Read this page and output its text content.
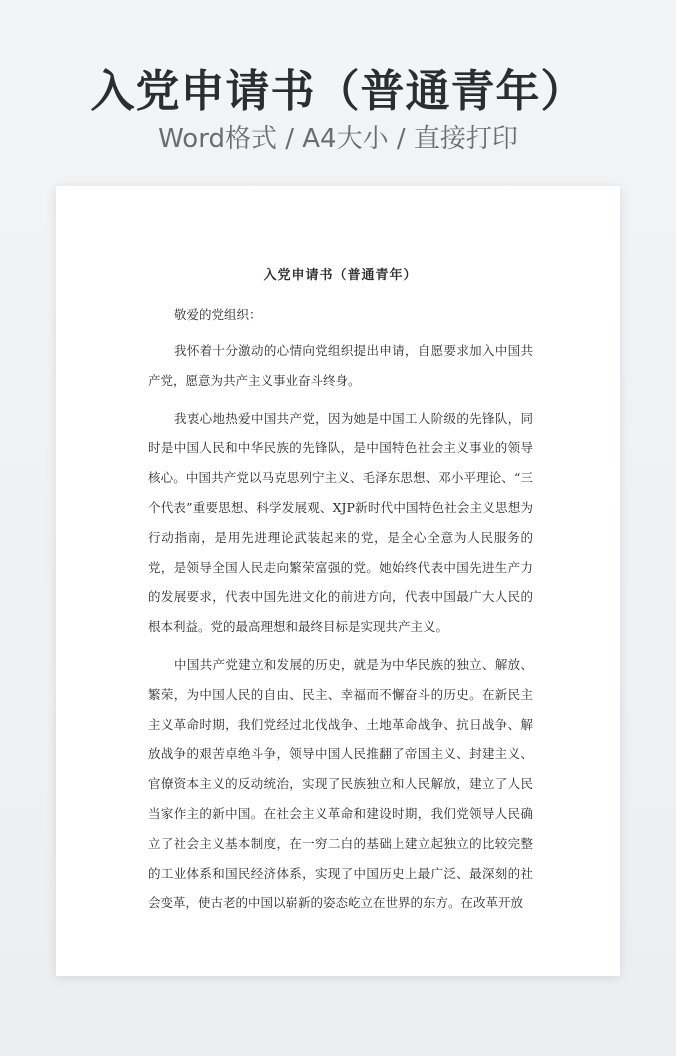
入党申请书（普通青年）
Word格式 / A4大小 / 直接打印
入党申请书（普通青年）
敬爱的党组织：

我怀着十分激动的心情向党组织提出申请，自愿要求加入中国共产党，愿意为共产主义事业奋斗终身。

我衷心地热爱中国共产党，因为她是中国工人阶级的先锋队，同时是中国人民和中华民族的先锋队，是中国特色社会主义事业的领导核心。中国共产党以马克思列宁主义、毛泽东思想、邓小平理论、“三个代表”重要思想、科学发展观、XJP新时代中国特色社会主义思想为行动指南，是用先进理论武装起来的党，是全心全意为人民服务的党，是领导全国人民走向繁荣富强的党。她始终代表中国先进生产力的发展要求，代表中国先进文化的前进方向，代表中国最广大人民的根本利益。党的最高理想和最终目标是实现共产主义。

中国共产党建立和发展的历史，就是为中华民族的独立、解放、繁荣，为中国人民的自由、民主、幸福而不懈奋斗的历史。在新民主主义革命时期，我们党经过北伐战争、土地革命战争、抗日战争、解放战争的艰苦卓绝斗争，领导中国人民推翻了帝国主义、封建主义、官僚资本主义的反动统治，实现了民族独立和人民解放，建立了人民当家作主的新中国。在社会主义革命和建设时期，我们党领导人民确立了社会主义基本制度，在一穷二白的基础上建立起独立的比较完整的工业体系和国民经济体系，实现了中国历史上最广泛、最深刻的社会变革，使古老的中国以崭新的姿态屹立在世界的东方。在改革开放
